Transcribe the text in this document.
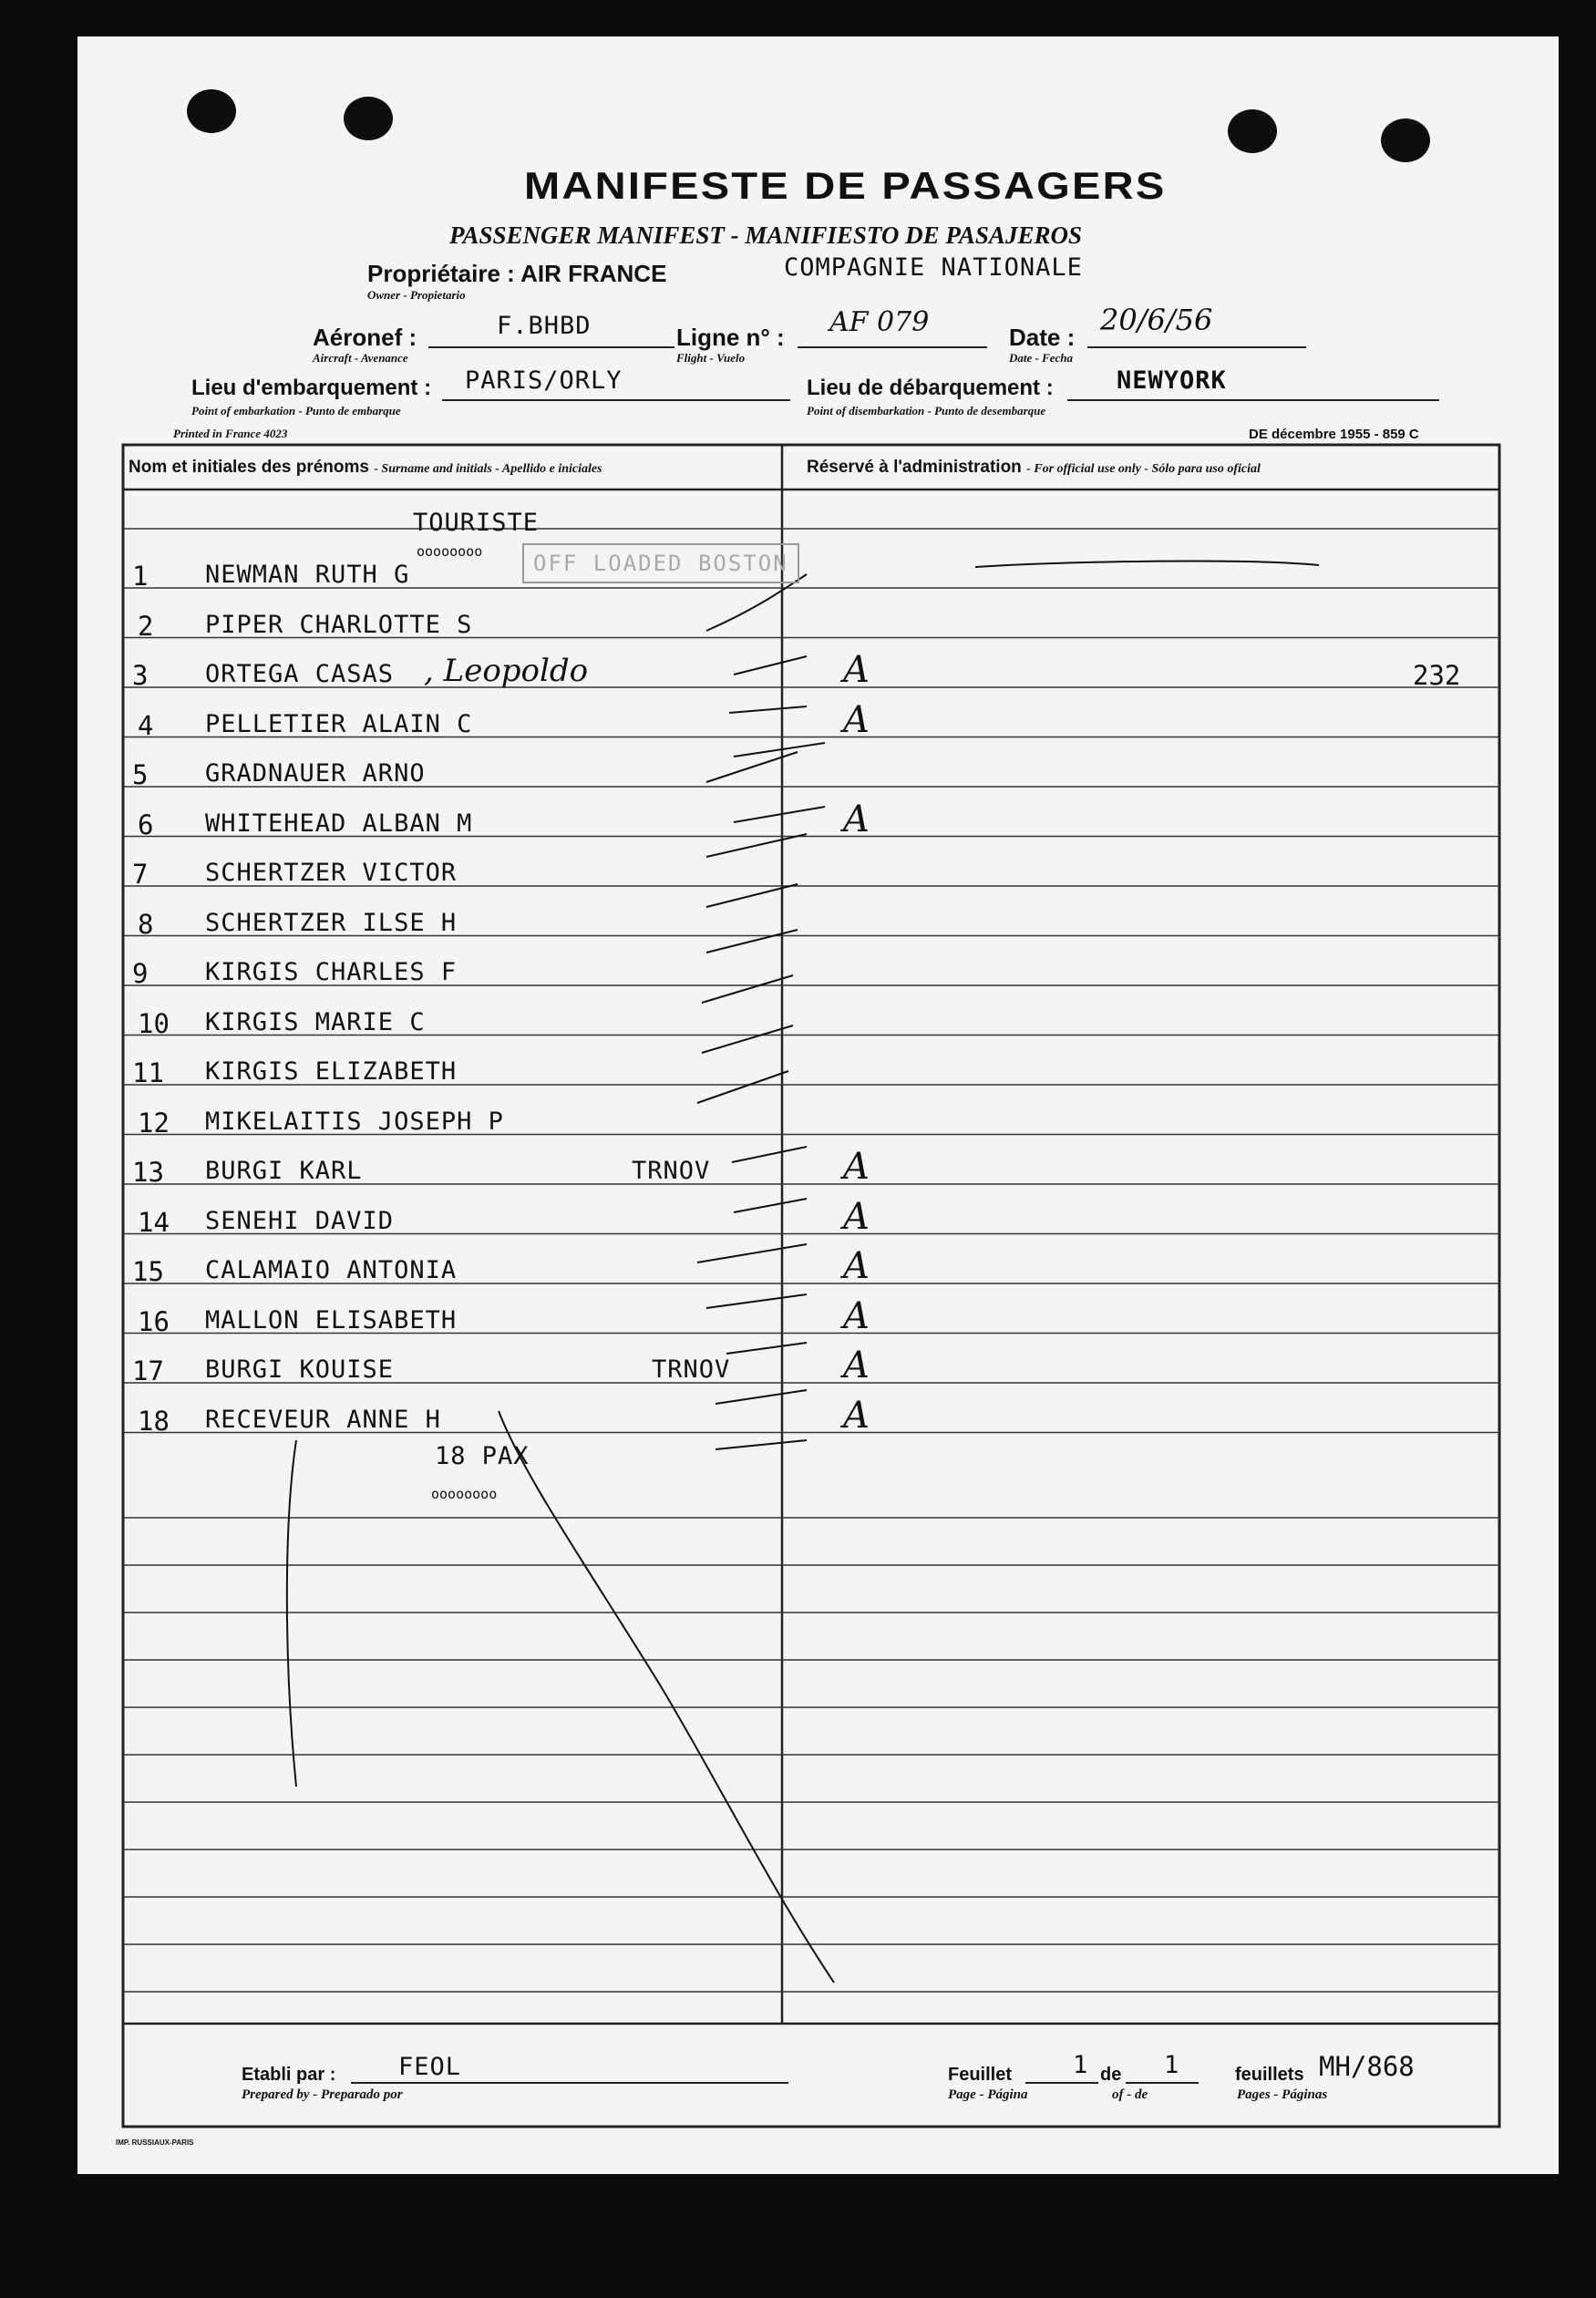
MANIFESTE DE PASSAGERS
PASSENGER MANIFEST - MANIFIESTO DE PASAJEROS
Propriétaire : AIR FRANCE
Owner - Propietario
COMPAGNIE NATIONALE
Aéronef :
Aircraft - Avenance
F.BHBD	Ligne n° :
Flight - Vuelo
AF 079	Date :
Date - Fecha
20/6/56
Lieu d'embarquement :
Point of embarkation - Punto de embarque
PARIS/ORLY	Lieu de débarquement :
Point of disembarkation - Punto de desembarque
NEWYORK
Printed in France 4023	DE décembre 1955 - 859 C
Nom et initiales des prénoms - Surname and initials - Apellido e iniciales	Réservé à l'administration - For official use only - Sólo para uso oficial
TOURISTE
oooooooo	OFF LOADED BOSTON
1 NEWMAN RUTH G
2 PIPER CHARLOTTE S
3 ORTEGA CASAS , Leopoldo	A	232
4 PELLETIER ALAIN C	A
5 GRADNAUER ARNO
6 WHITEHEAD ALBAN M	A
7 SCHERTZER VICTOR
8 SCHERTZER ILSE H
9 KIRGIS CHARLES F
10 KIRGIS MARIE C
11 KIRGIS ELIZABETH
12 MIKELAITIS JOSEPH P
13 BURGI KARL	TRNOV	A
14 SENEHI DAVID	A
15 CALAMAIO ANTONIA	A
16 MALLON ELISABETH	A
17 BURGI KOUISE	TRNOV	A
18 RECEVEUR ANNE H	A
18 PAX
oooooooo
Etabli par :
Prepared by - Preparado por
FEOL	Feuillet
Page - Página
1 de
of - de
1	feuillets
Pages - Páginas
MH/868
IMP. RUSSIAUX-PARIS
